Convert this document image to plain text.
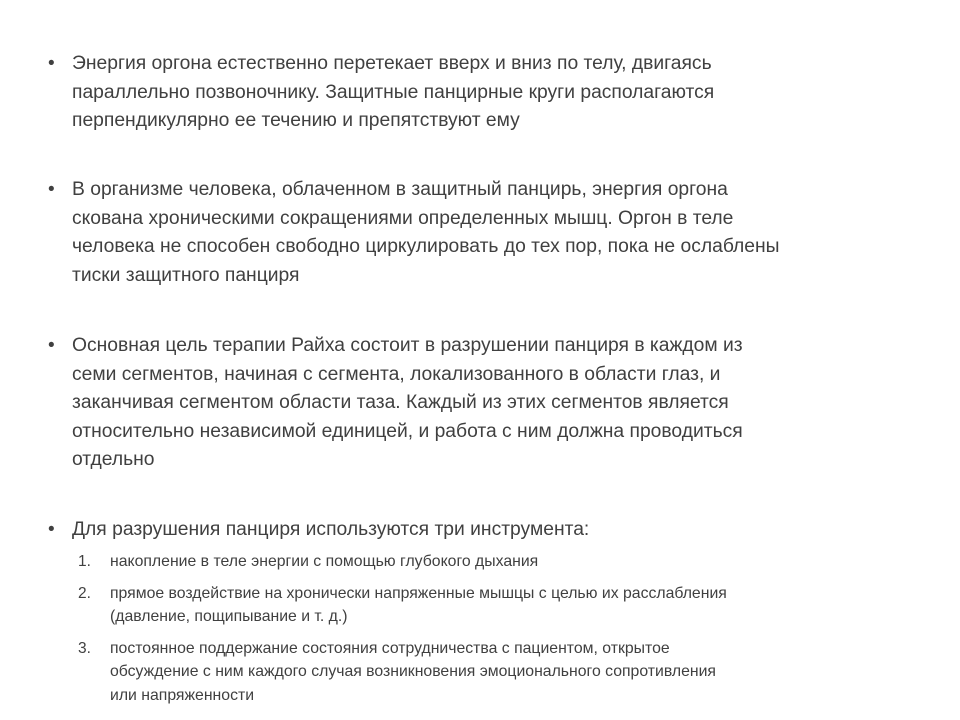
• Энергия оргона естественно перетекает вверх и вниз по телу, двигаясь
параллельно позвоночнику. Защитные панцирные круги располагаются
перпендикулярно ее течению и препятствуют ему
• В организме человека, облаченном в защитный панцирь, энергия оргона
скована хроническими сокращениями определенных мышц. Оргон в теле
человека не способен свободно циркулировать до тех пор, пока не ослаблены
тиски защитного панциря
• Основная цель терапии Райха состоит в разрушении панциря в каждом из
семи сегментов, начиная с сегмента, локализованного в области глаз, и
заканчивая сегментом области таза. Каждый из этих сегментов является
относительно независимой единицей, и работа с ним должна проводиться
отдельно
• Для разрушения панциря используются три инструмента:
1.	накопление в теле энергии с помощью глубокого дыхания
2.	прямое воздействие на хронически напряженные мышцы с целью их расслабления
(давление, пощипывание и т. д.)
3.	постоянное поддержание состояния сотрудничества с пациентом, открытое
обсуждение с ним каждого случая возникновения эмоционального сопротивления
или напряженности
